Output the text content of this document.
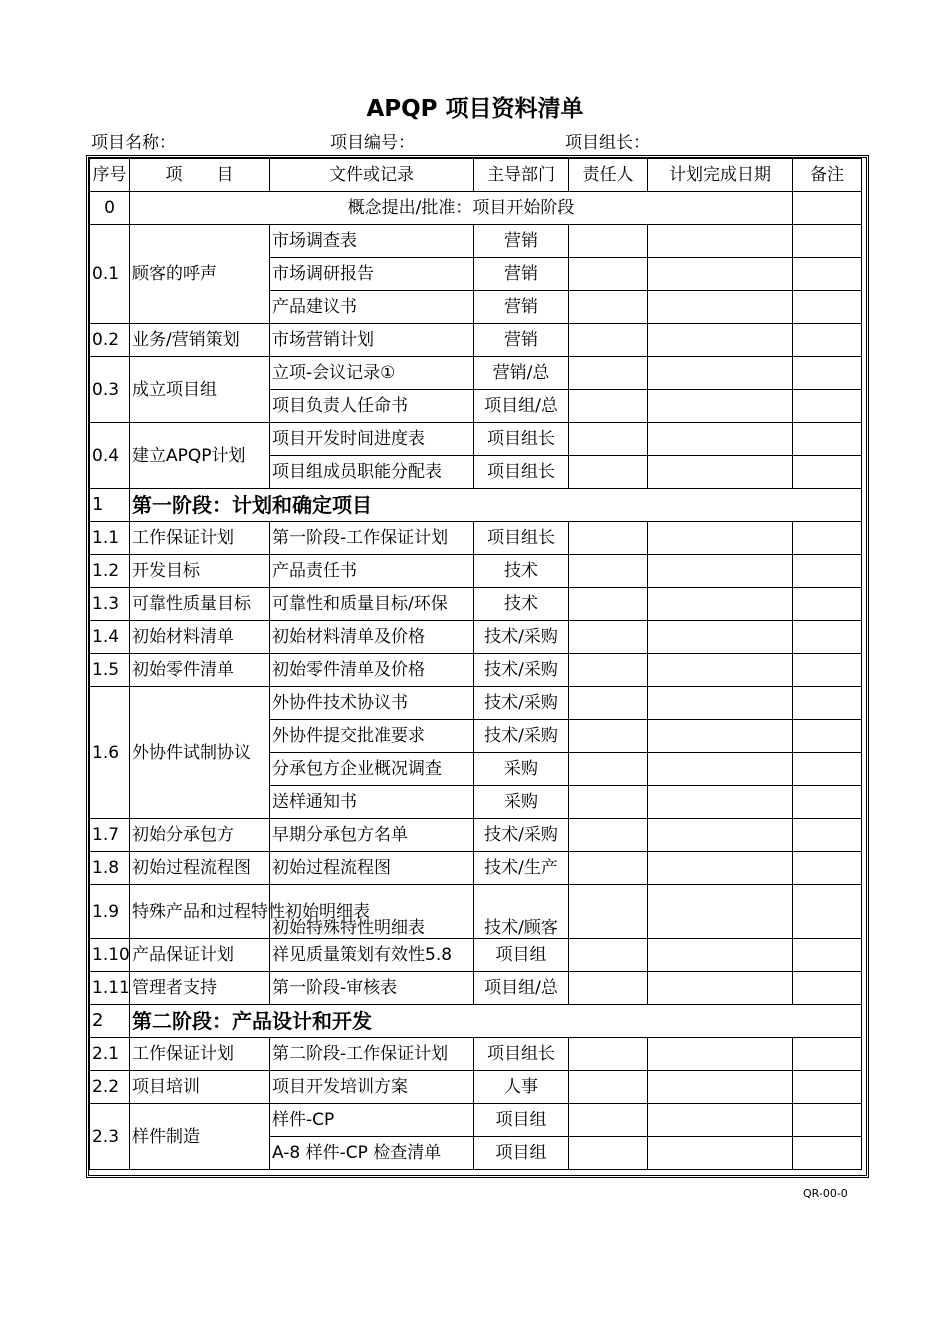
APQP 项目资料清单
项目名称：	项目编号：	项目组长：
序号	项　　目	文件或记录	主导部门	责任人	计划完成日期	备注
0	概念提出/批准：项目开始阶段					
0.1	顾客的呼声	市场调查表	营销			
		市场调研报告	营销			
		产品建议书	营销			
0.2	业务/营销策划	市场营销计划	营销			
0.3	成立项目组	立项-会议记录①	营销/总			
		项目负责人任命书	项目组/总			
0.4	建立APQP计划	项目开发时间进度表	项目组长			
		项目组成员职能分配表	项目组长			
1	第一阶段：计划和确定项目					
1.1	工作保证计划	第一阶段-工作保证计划	项目组长			
1.2	开发目标	产品责任书	技术			
1.3	可靠性质量目标	可靠性和质量目标/环保	技术			
1.4	初始材料清单	初始材料清单及价格	技术/采购			
1.5	初始零件清单	初始零件清单及价格	技术/采购			
1.6	外协件试制协议	外协件技术协议书	技术/采购			
		外协件提交批准要求	技术/采购			
		分承包方企业概况调查	采购			
		送样通知书	采购			
1.7	初始分承包方	早期分承包方名单	技术/采购			
1.8	初始过程流程图	初始过程流程图	技术/生产			
1.9	特殊产品和过程特性初始明细表	初始特殊特性明细表	技术/顾客			
1.10	产品保证计划	祥见质量策划有效性5.8	项目组			
1.11	管理者支持	第一阶段-审核表	项目组/总			
2	第二阶段：产品设计和开发					
2.1	工作保证计划	第二阶段-工作保证计划	项目组长			
2.2	项目培训	项目开发培训方案	人事			
2.3	样件制造	样件-CP	项目组			
		A-8 样件-CP 检查清单	项目组			
QR-00-0
